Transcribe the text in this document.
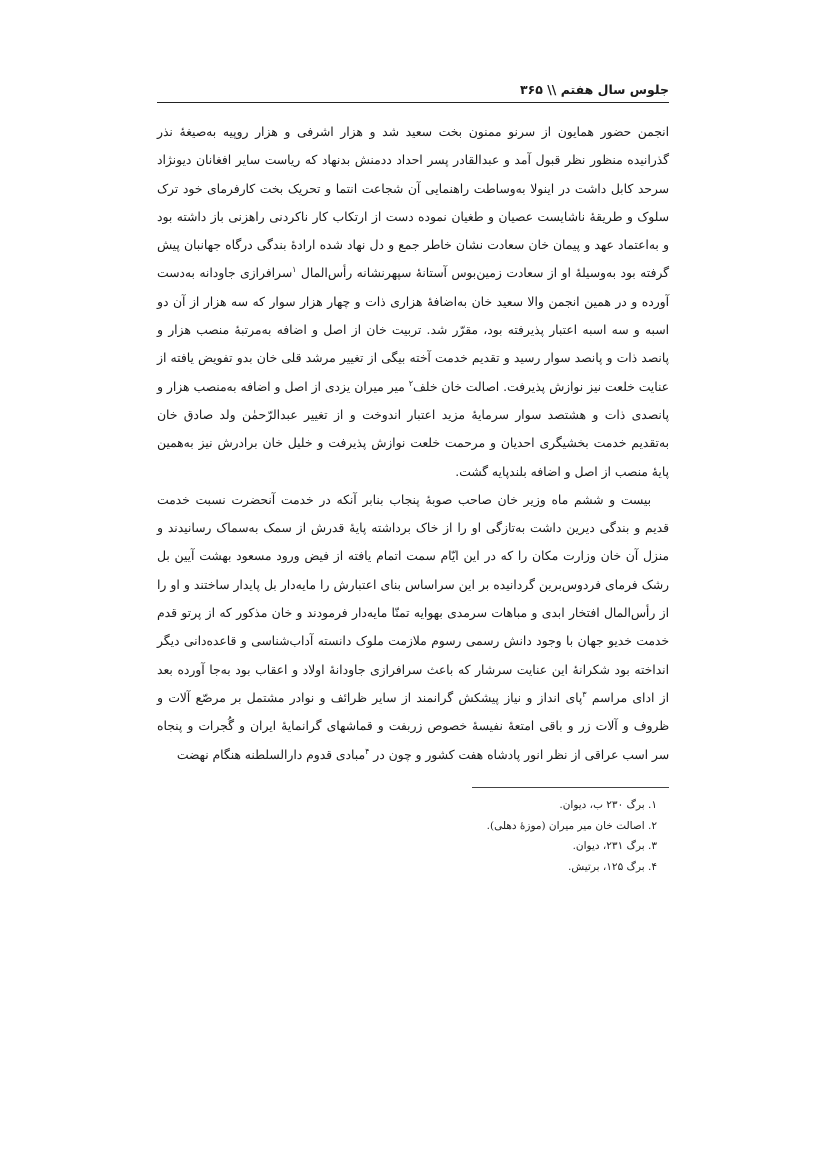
جلوس سال هفتم \\ ۳۶۵

انجمن حضور همایون از سرنو ممنون بخت سعید شد و هزار اشرفی و هزار روپیه به‌صیغهٔ نذر گذرانیده منظور نظر قبول آمد و عبدالقادر پسر احداد ددمنش بدنهاد که ریاست سایر افغانان دیونژاد سرحد کابل داشت در اینولا به‌وساطت راهنمایی آن شجاعت انتما و تحریک بخت کارفرمای خود ترک سلوک و طریقهٔ ناشایست عصیان و طغیان نموده دست از ارتکاب کار ناکردنی راهزنی باز داشته بود و به‌اعتماد عهد و پیمان خان سعادت نشان خاطر جمع و دل نهاد شده ارادهٔ بندگی درگاه جهانبان پیش گرفته بود به‌وسیلهٔ او از سعادت زمین‌بوس آستانهٔ سپهرنشانه رأس‌المال $^۱$سرافرازی جاودانه به‌دست آورده و در همین انجمن والا سعید خان به‌اضافهٔ هزاری ذات و چهار هزار سوار که سه هزار از آن دو اسبه و سه اسبه اعتبار پذیرفته بود، مقرّر شد. تربیت خان از اصل و اضافه به‌مرتبهٔ منصب هزار و پانصد ذات و پانصد سوار رسید و تقدیم خدمت آخته بیگی از تغییر مرشد قلی خان بدو تفویض یافته از عنایت خلعت نیز نوازش پذیرفت. اصالت خان خلف$^۲$ میر میران یزدی از اصل و اضافه به‌منصب هزار و پانصدی ذات و هشتصد سوار سرمایهٔ مزید اعتبار اندوخت و از تغییر عبدالرّحمٰن ولد صادق خان به‌تقدیم خدمت بخشیگری احدیان و مرحمت خلعت نوازش پذیرفت و خلیل خان برادرش نیز به‌همین پایهٔ منصب از اصل و اضافه بلندپایه گشت.

بیست و ششم ماه وزیر خان صاحب صوبهٔ پنجاب بنابر آنکه در خدمت آنحضرت نسبت خدمت قدیم و بندگی دیرین داشت به‌تازگی او را از خاک برداشته پایهٔ قدرش از سمک به‌سماک رسانیدند و منزل آن خان وزارت مکان را که در این ایّام سمت اتمام یافته از فیض ورود مسعود بهشت آیین بل رشک فرمای فردوس‌برین گردانیده بر این سراساس بنای اعتبارش را مایه‌دار بل پایدار ساختند و او را از رأس‌المال افتخار ابدی و مباهات سرمدی بهوایه تمنّا مایه‌دار فرمودند و خان مذکور که از پرتو قدم خدمت خدیو جهان با وجود دانش رسمی رسوم ملازمت ملوک دانسته آداب‌شناسی و قاعده‌دانی دیگر انداخته بود شکرانهٔ این عنایت سرشار که باعث سرافرازی جاودانهٔ اولاد و اعقاب بود به‌جا آورده بعد از ادای مراسم $^۳$پای انداز و نیاز پیشکش گرانمند از سایر ظرائف و نوادر مشتمل بر مرصّع آلات و ظروف و آلات زر و باقی امتعهٔ نفیسهٔ خصوص زربفت و قماشهای گرانمایهٔ ایران و گُجرات و پنجاه سر اسب عراقی از نظر انور پادشاه هفت کشور و چون در $^۴$مبادی قدوم دارالسلطنه هنگام نهضت

۱. برگ ۲۳۰ ب، دیوان.
۲. اصالت خان میر میران (موزهٔ دهلی).
۳. برگ ۲۳۱، دیوان.
۴. برگ ۱۲۵، برتیش.
